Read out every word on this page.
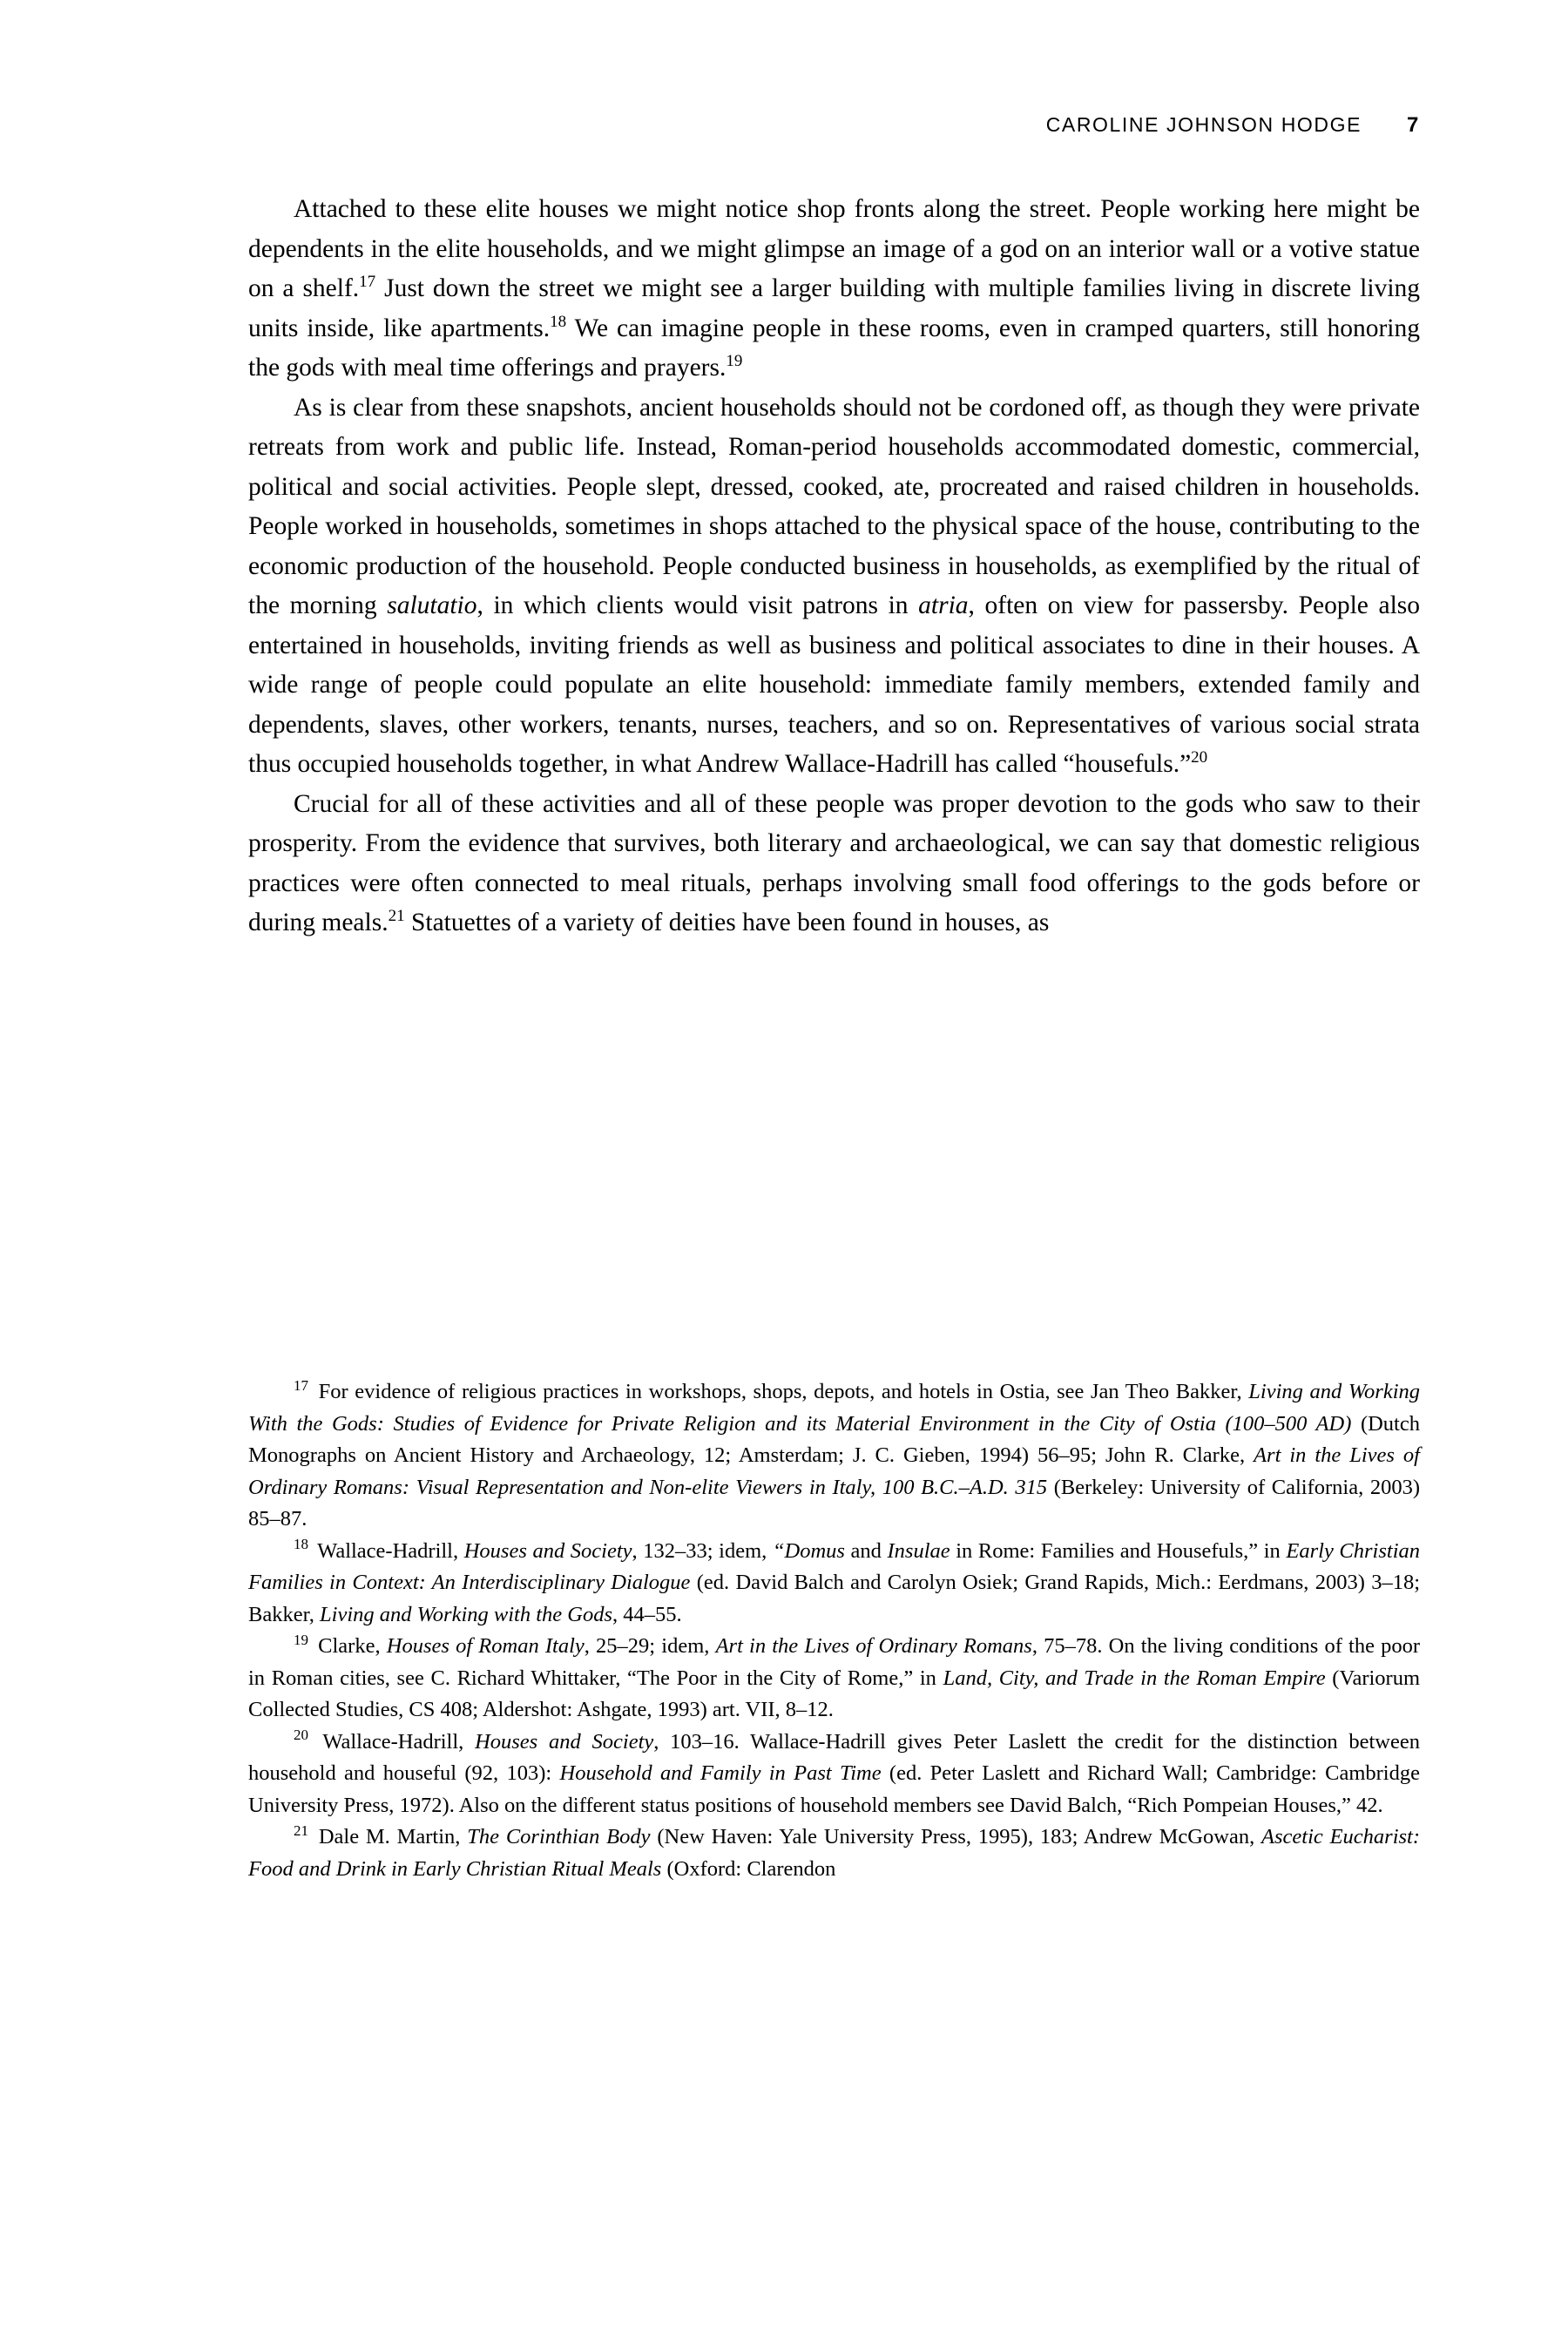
CAROLINE JOHNSON HODGE 7

Attached to these elite houses we might notice shop fronts along the street. People working here might be dependents in the elite households, and we might glimpse an image of a god on an interior wall or a votive statue on a shelf.$^{17}$ Just down the street we might see a larger building with multiple families living in discrete living units inside, like apartments.$^{18}$ We can imagine people in these rooms, even in cramped quarters, still honoring the gods with meal time offerings and prayers.$^{19}$

As is clear from these snapshots, ancient households should not be cordoned off, as though they were private retreats from work and public life. Instead, Roman-period households accommodated domestic, commercial, political and social activities. People slept, dressed, cooked, ate, procreated and raised children in households. People worked in households, sometimes in shops attached to the physical space of the house, contributing to the economic production of the household. People conducted business in households, as exemplified by the ritual of the morning salutatio, in which clients would visit patrons in atria, often on view for passersby. People also entertained in households, inviting friends as well as business and political associates to dine in their houses. A wide range of people could populate an elite household: immediate family members, extended family and dependents, slaves, other workers, tenants, nurses, teachers, and so on. Representatives of various social strata thus occupied households together, in what Andrew Wallace-Hadrill has called “housefuls.”$^{20}$

Crucial for all of these activities and all of these people was proper devotion to the gods who saw to their prosperity. From the evidence that survives, both literary and archaeological, we can say that domestic religious practices were often connected to meal rituals, perhaps involving small food offerings to the gods before or during meals.$^{21}$ Statuettes of a variety of deities have been found in houses, as

$^{17}$ For evidence of religious practices in workshops, shops, depots, and hotels in Ostia, see Jan Theo Bakker, Living and Working With the Gods: Studies of Evidence for Private Religion and its Material Environment in the City of Ostia (100–500 AD) (Dutch Monographs on Ancient History and Archaeology, 12; Amsterdam; J. C. Gieben, 1994) 56–95; John R. Clarke, Art in the Lives of Ordinary Romans: Visual Representation and Non-elite Viewers in Italy, 100 B.C.–A.D. 315 (Berkeley: University of California, 2003) 85–87.

$^{18}$ Wallace-Hadrill, Houses and Society, 132–33; idem, “Domus and Insulae in Rome: Families and Housefuls,” in Early Christian Families in Context: An Interdisciplinary Dialogue (ed. David Balch and Carolyn Osiek; Grand Rapids, Mich.: Eerdmans, 2003) 3–18; Bakker, Living and Working with the Gods, 44–55.

$^{19}$ Clarke, Houses of Roman Italy, 25–29; idem, Art in the Lives of Ordinary Romans, 75–78. On the living conditions of the poor in Roman cities, see C. Richard Whittaker, “The Poor in the City of Rome,” in Land, City, and Trade in the Roman Empire (Variorum Collected Studies, CS 408; Aldershot: Ashgate, 1993) art. VII, 8–12.

$^{20}$ Wallace-Hadrill, Houses and Society, 103–16. Wallace-Hadrill gives Peter Laslett the credit for the distinction between household and houseful (92, 103): Household and Family in Past Time (ed. Peter Laslett and Richard Wall; Cambridge: Cambridge University Press, 1972). Also on the different status positions of household members see David Balch, “Rich Pompeian Houses,” 42.

$^{21}$ Dale M. Martin, The Corinthian Body (New Haven: Yale University Press, 1995), 183; Andrew McGowan, Ascetic Eucharist: Food and Drink in Early Christian Ritual Meals (Oxford: Clarendon
